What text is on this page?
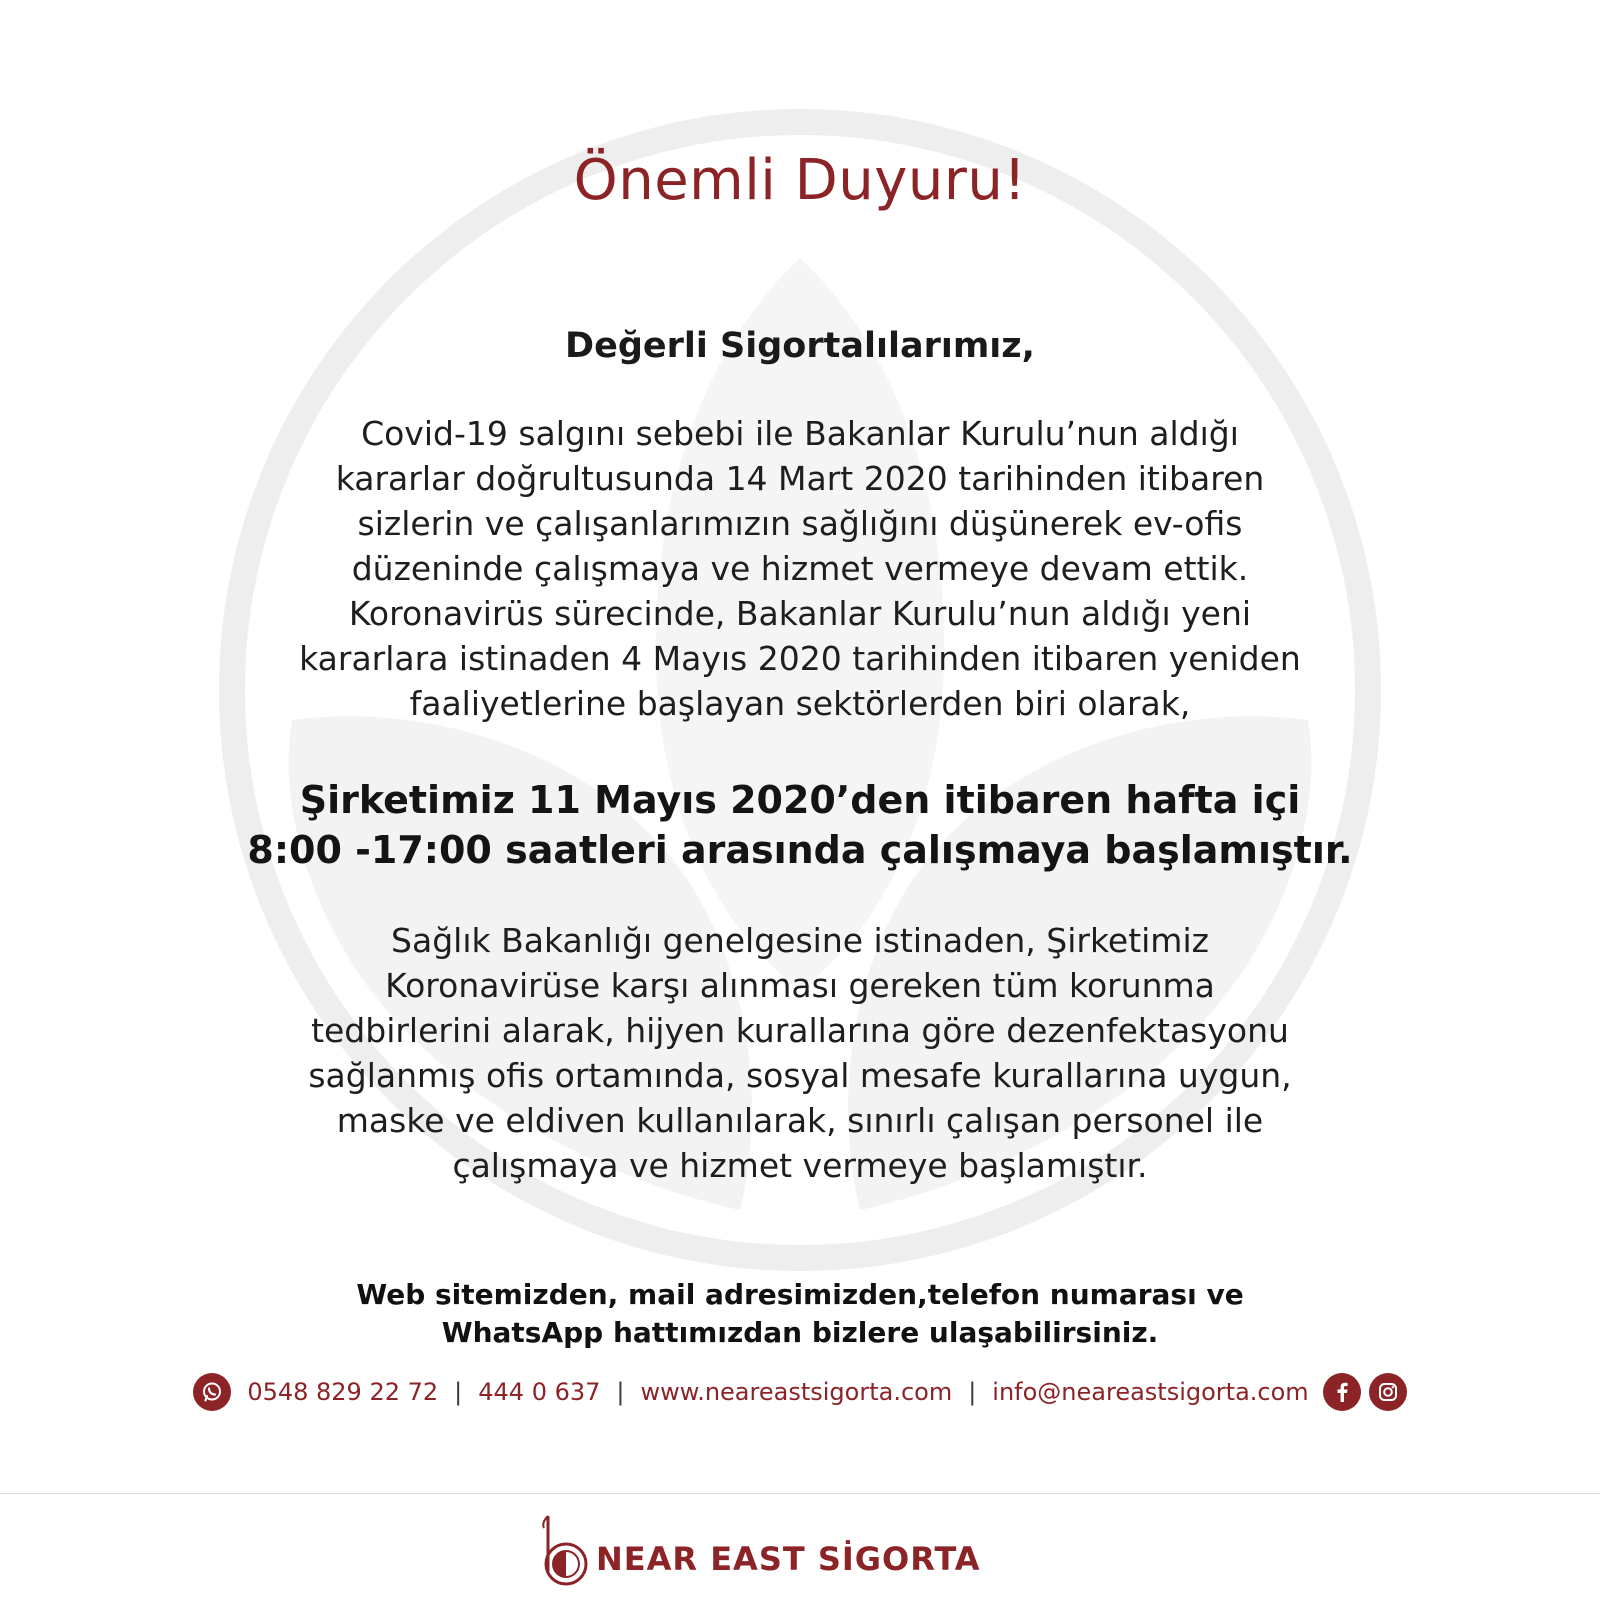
Önemli Duyuru!
Değerli Sigortalılarımız,
Covid-19 salgını sebebi ile Bakanlar Kurulu’nun aldığı
kararlar doğrultusunda 14 Mart 2020 tarihinden itibaren
sizlerin ve çalışanlarımızın sağlığını düşünerek ev-ofis
düzeninde çalışmaya ve hizmet vermeye devam ettik.
Koronavirüs sürecinde, Bakanlar Kurulu’nun aldığı yeni
kararlara istinaden 4 Mayıs 2020 tarihinden itibaren yeniden
faaliyetlerine başlayan sektörlerden biri olarak,
Şirketimiz 11 Mayıs 2020’den itibaren hafta içi
8:00 -17:00 saatleri arasında çalışmaya başlamıştır.
Sağlık Bakanlığı genelgesine istinaden, Şirketimiz
Koronavirüse karşı alınması gereken tüm korunma
tedbirlerini alarak, hijyen kurallarına göre dezenfektasyonu
sağlanmış ofis ortamında, sosyal mesafe kurallarına uygun,
maske ve eldiven kullanılarak, sınırlı çalışan personel ile
çalışmaya ve hizmet vermeye başlamıştır.
Web sitemizden, mail adresimizden,telefon numarası ve
WhatsApp hattımızdan bizlere ulaşabilirsiniz.
0548 829 22 72 | 444 0 637 | www.neareastsigorta.com | info@neareastsigorta.com
NEAR EAST SİGORTA
